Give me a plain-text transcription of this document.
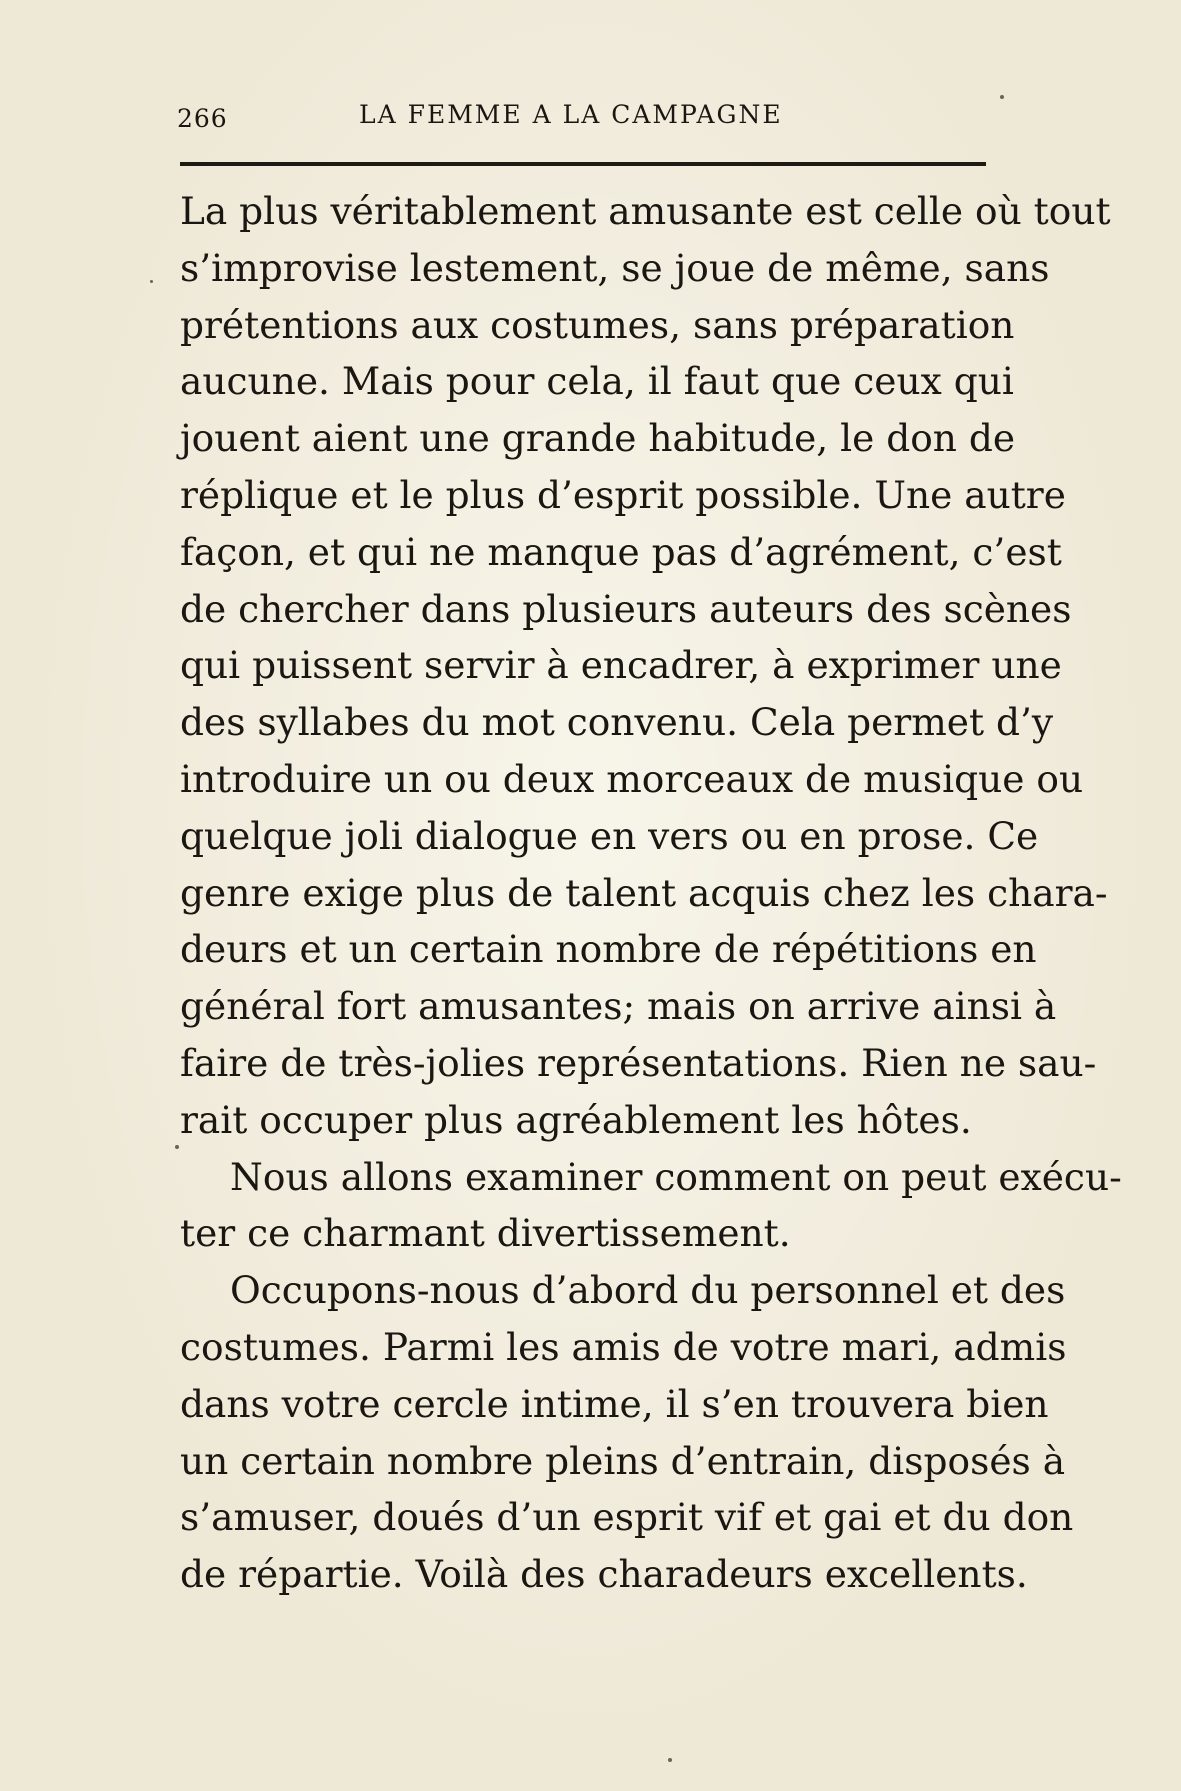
266	LA FEMME A LA CAMPAGNE

La plus véritablement amusante est celle où tout
s’improvise lestement, se joue de même, sans
prétentions aux costumes, sans préparation
aucune. Mais pour cela, il faut que ceux qui
jouent aient une grande habitude, le don de
réplique et le plus d’esprit possible. Une autre
façon, et qui ne manque pas d’agrément, c’est
de chercher dans plusieurs auteurs des scènes
qui puissent servir à encadrer, à exprimer une
des syllabes du mot convenu. Cela permet d’y
introduire un ou deux morceaux de musique ou
quelque joli dialogue en vers ou en prose. Ce
genre exige plus de talent acquis chez les chara-
deurs et un certain nombre de répétitions en
général fort amusantes; mais on arrive ainsi à
faire de très-jolies représentations. Rien ne sau-
rait occuper plus agréablement les hôtes.

Nous allons examiner comment on peut exécu-
ter ce charmant divertissement.

Occupons-nous d’abord du personnel et des
costumes. Parmi les amis de votre mari, admis
dans votre cercle intime, il s’en trouvera bien
un certain nombre pleins d’entrain, disposés à
s’amuser, doués d’un esprit vif et gai et du don
de répartie. Voilà des charadeurs excellents.
